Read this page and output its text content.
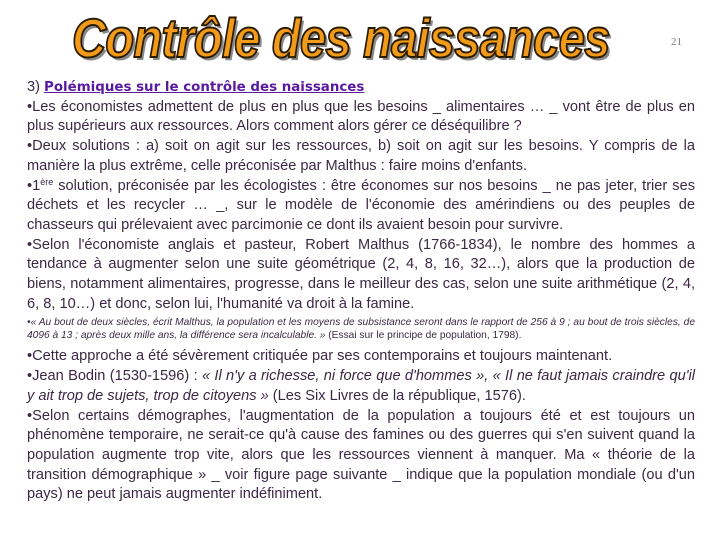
Contrôle des naissances	21

3) Polémiques sur le contrôle des naissances

•Les économistes admettent de plus en plus que les besoins _ alimentaires … _ vont être de plus en plus supérieurs aux ressources. Alors comment alors gérer ce déséquilibre ?

•Deux solutions : a) soit on agit sur les ressources, b) soit on agit sur les besoins. Y compris de la manière la plus extrême, celle préconisée par Malthus : faire moins d'enfants.

•1ère solution, préconisée par les écologistes : être économes sur nos besoins _ ne pas jeter, trier ses déchets et les recycler … _, sur le modèle de l'économie des amérindiens ou des peuples de chasseurs qui prélevaient avec parcimonie ce dont ils avaient besoin pour survivre.

•Selon l'économiste anglais et pasteur, Robert Malthus (1766-1834), le nombre des hommes a tendance à augmenter selon une suite géométrique (2, 4, 8, 16, 32…), alors que la production de biens, notamment alimentaires, progresse, dans le meilleur des cas, selon une suite arithmétique (2, 4, 6, 8, 10…) et donc, selon lui, l'humanité va droit à la famine.

•« Au bout de deux siècles, écrit Malthus, la population et les moyens de subsistance seront dans le rapport de 256 à 9 ; au bout de trois siècles, de 4096 à 13 ; après deux mille ans, la différence sera incalculable. » (Essai sur le principe de population, 1798).

•Cette approche a été sévèrement critiquée par ses contemporains et toujours maintenant.

•Jean Bodin (1530-1596) : « Il n'y a richesse, ni force que d'hommes », « Il ne faut jamais craindre qu'il y ait trop de sujets, trop de citoyens » (Les Six Livres de la république, 1576).

•Selon certains démographes, l'augmentation de la population a toujours été et est toujours un phénomène temporaire, ne serait-ce qu'à cause des famines ou des guerres qui s'en suivent quand la population augmente trop vite, alors que les ressources viennent à manquer. Ma « théorie de la transition démographique » _ voir figure page suivante _ indique que la population mondiale (ou d'un pays) ne peut jamais augmenter indéfiniment.
